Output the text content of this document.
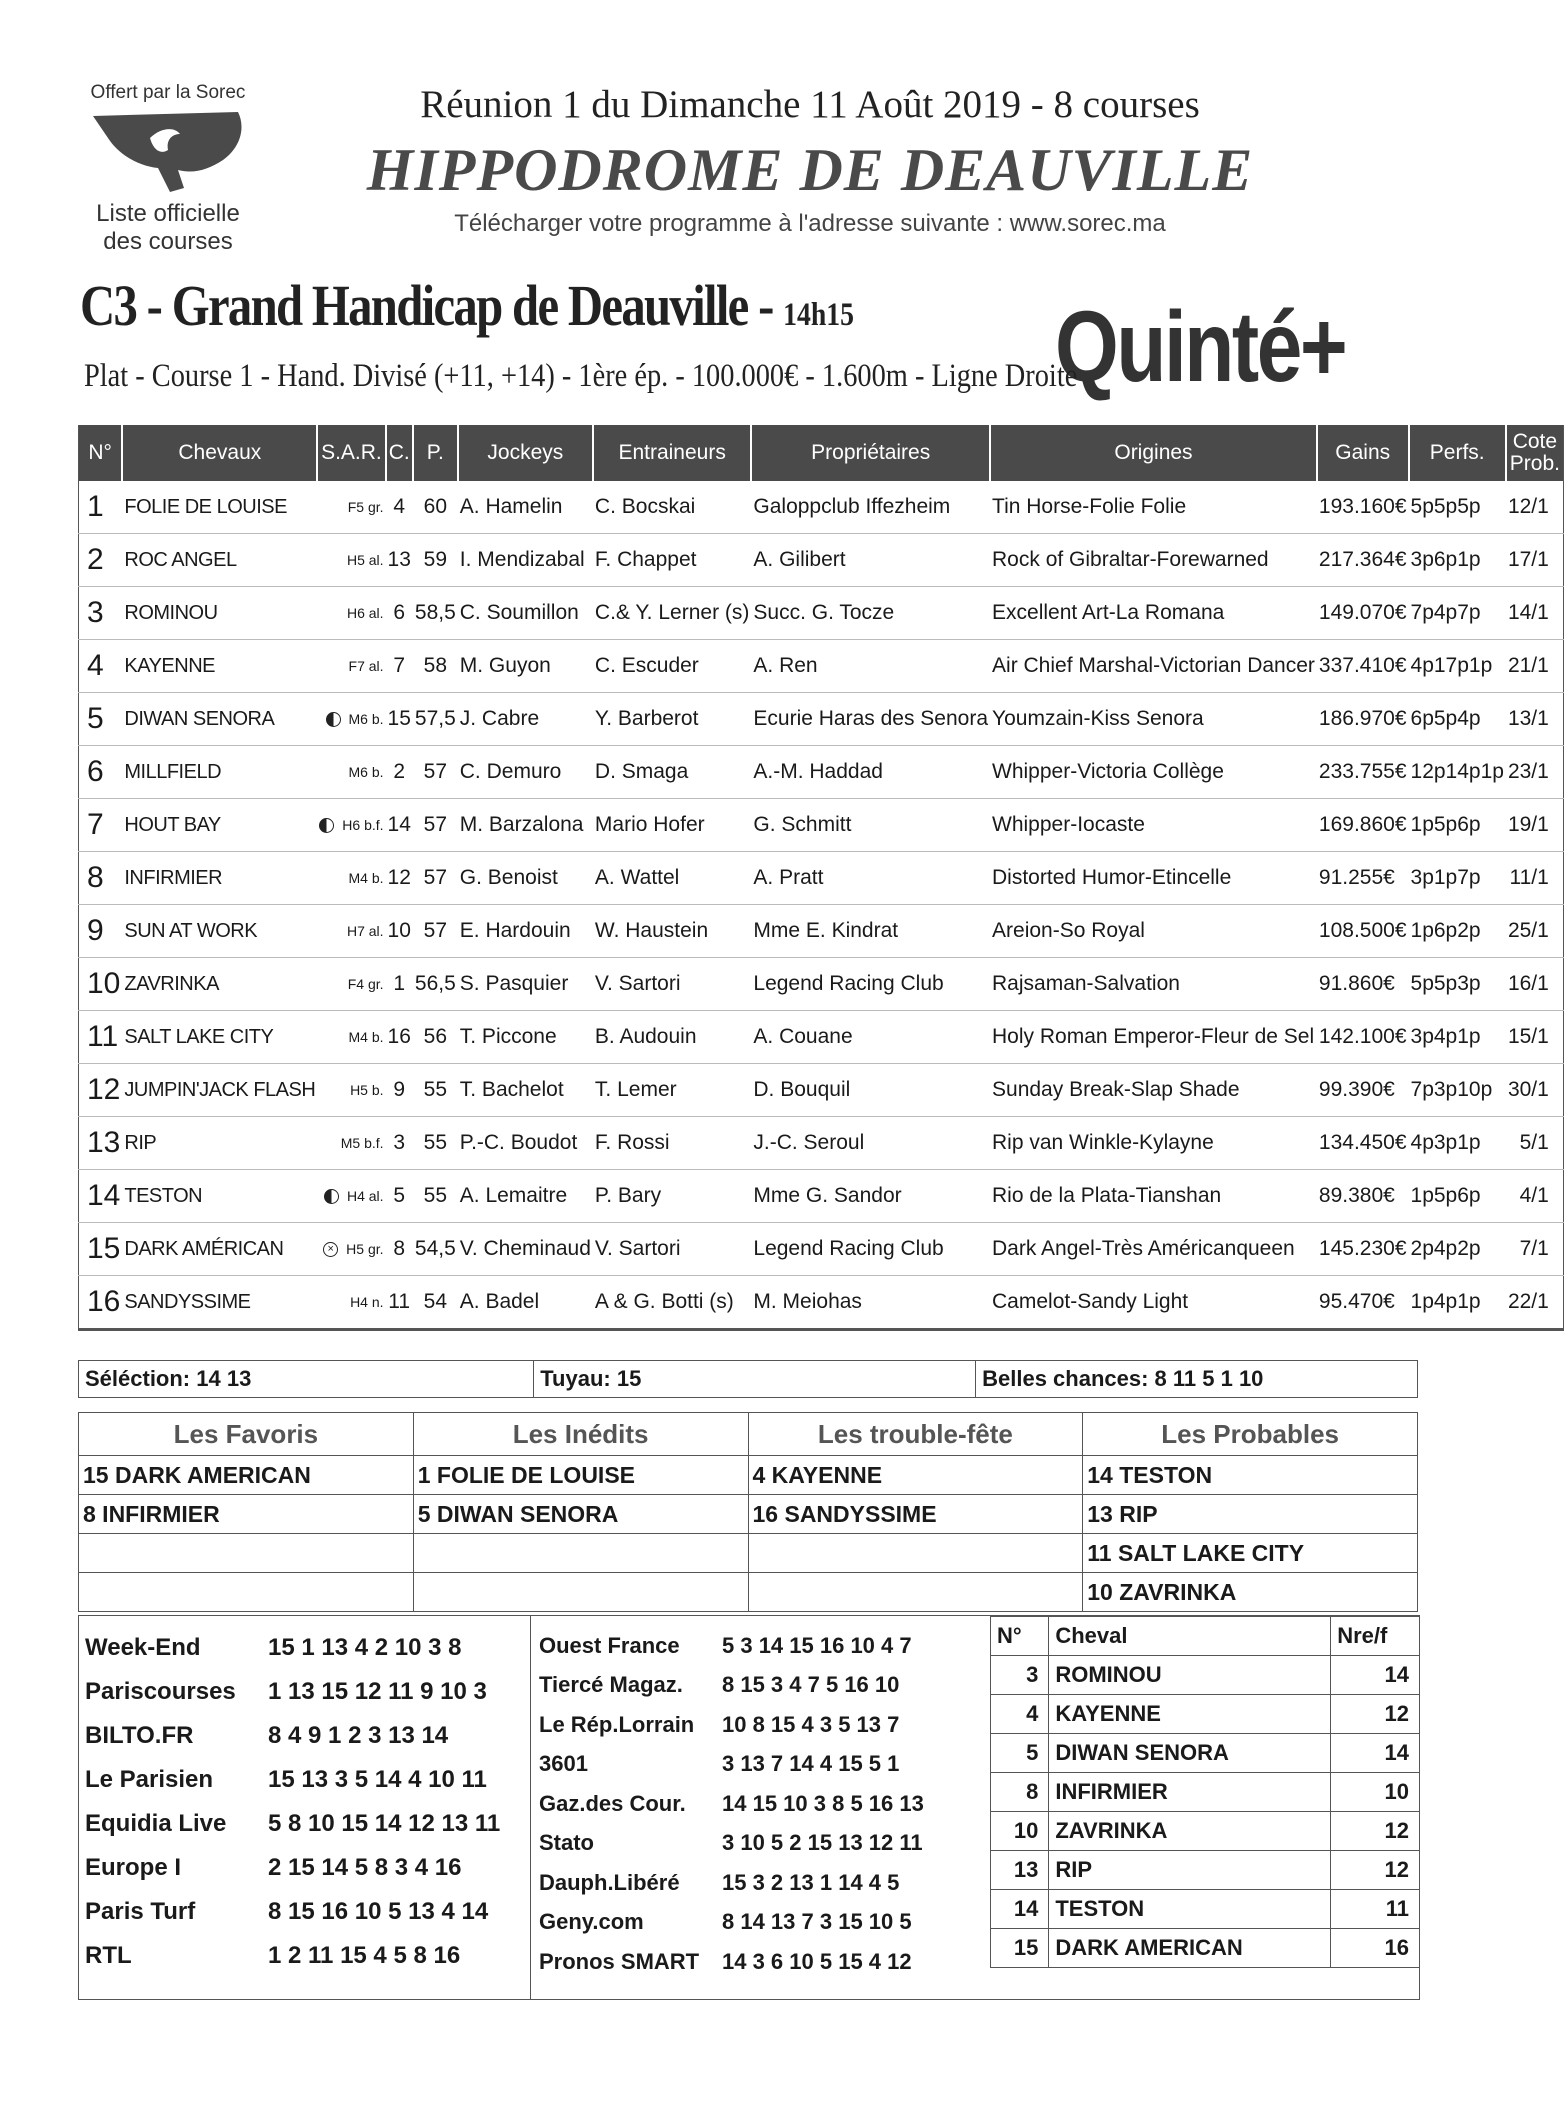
Offert par la Sorec
Liste officielle
des courses
Réunion 1 du Dimanche 11 Août 2019 - 8 courses
HIPPODROME DE DEAUVILLE
Télécharger votre programme à l'adresse suivante : www.sorec.ma
C3 - Grand Handicap de Deauville - 14h15 Quinté+
Plat - Course 1 - Hand. Divisé (+11, +14) - 1ère ép. - 100.000€ - 1.600m - Ligne Droite
N°	Chevaux	S.A.R.	C.	P.	Jockeys	Entraineurs	Propriétaires	Origines	Gains	Perfs.	Cote
Prob.
1	FOLIE DE LOUISE	F5 gr.	4	60	A. Hamelin	C. Bocskai	Galoppclub Iffezheim	Tin Horse-Folie Folie	193.160€	5p5p5p	12/1
2	ROC ANGEL	H5 al.	13	59	I. Mendizabal	F. Chappet	A. Gilibert	Rock of Gibraltar-Forewarned	217.364€	3p6p1p	17/1
3	ROMINOU	H6 al.	6	58,5	C. Soumillon	C.& Y. Lerner (s)	Succ. G. Tocze	Excellent Art-La Romana	149.070€	7p4p7p	14/1
4	KAYENNE	F7 al.	7	58	M. Guyon	C. Escuder	A. Ren	Air Chief Marshal-Victorian Dancer	337.410€	4p17p1p	21/1
5	DIWAN SENORA	M6 b.	15	57,5	J. Cabre	Y. Barberot	Ecurie Haras des Senora	Youmzain-Kiss Senora	186.970€	6p5p4p	13/1
6	MILLFIELD	M6 b.	2	57	C. Demuro	D. Smaga	A.-M. Haddad	Whipper-Victoria Collège	233.755€	12p14p1p	23/1
7	HOUT BAY	H6 b.f.	14	57	M. Barzalona	Mario Hofer	G. Schmitt	Whipper-Iocaste	169.860€	1p5p6p	19/1
8	INFIRMIER	M4 b.	12	57	G. Benoist	A. Wattel	A. Pratt	Distorted Humor-Etincelle	91.255€	3p1p7p	11/1
9	SUN AT WORK	H7 al.	10	57	E. Hardouin	W. Haustein	Mme E. Kindrat	Areion-So Royal	108.500€	1p6p2p	25/1
10	ZAVRINKA	F4 gr.	1	56,5	S. Pasquier	V. Sartori	Legend Racing Club	Rajsaman-Salvation	91.860€	5p5p3p	16/1
11	SALT LAKE CITY	M4 b.	16	56	T. Piccone	B. Audouin	A. Couane	Holy Roman Emperor-Fleur de Sel	142.100€	3p4p1p	15/1
12	JUMPIN'JACK FLASH	H5 b.	9	55	T. Bachelot	T. Lemer	D. Bouquil	Sunday Break-Slap Shade	99.390€	7p3p10p	30/1
13	RIP	M5 b.f.	3	55	P.-C. Boudot	F. Rossi	J.-C. Seroul	Rip van Winkle-Kylayne	134.450€	4p3p1p	5/1
14	TESTON	H4 al.	5	55	A. Lemaitre	P. Bary	Mme G. Sandor	Rio de la Plata-Tianshan	89.380€	1p5p6p	4/1
15	DARK AMÉRICAN	× H5 gr.	8	54,5	V. Cheminaud	V. Sartori	Legend Racing Club	Dark Angel-Très Américanqueen	145.230€	2p4p2p	7/1
16	SANDYSSIME	H4 n.	11	54	A. Badel	A & G. Botti (s)	M. Meiohas	Camelot-Sandy Light	95.470€	1p4p1p	22/1
Séléction: 14 13	Tuyau: 15	Belles chances: 8 11 5 1 10
Les Favoris	Les Inédits	Les trouble-fête	Les Probables
15 DARK AMERICAN	1 FOLIE DE LOUISE	4 KAYENNE	14 TESTON
8 INFIRMIER	5 DIWAN SENORA	16 SANDYSSIME	13 RIP
			11 SALT LAKE CITY
			10 ZAVRINKA
Week-End	15 1 13 4 2 10 3 8
Pariscourses	1 13 15 12 11 9 10 3
BILTO.FR	8 4 9 1 2 3 13 14
Le Parisien	15 13 3 5 14 4 10 11
Equidia Live	5 8 10 15 14 12 13 11
Europe I	2 15 14 5 8 3 4 16
Paris Turf	8 15 16 10 5 13 4 14
RTL	1 2 11 15 4 5 8 16
Ouest France	5 3 14 15 16 10 4 7
Tiercé Magaz.	8 15 3 4 7 5 16 10
Le Rép.Lorrain	10 8 15 4 3 5 13 7
3601	3 13 7 14 4 15 5 1
Gaz.des Cour.	14 15 10 3 8 5 16 13
Stato	3 10 5 2 15 13 12 11
Dauph.Libéré	15 3 2 13 1 14 4 5
Geny.com	8 14 13 7 3 15 10 5
Pronos SMART	14 3 6 10 5 15 4 12
N°	Cheval	Nre/f
3	ROMINOU	14
4	KAYENNE	12
5	DIWAN SENORA	14
8	INFIRMIER	10
10	ZAVRINKA	12
13	RIP	12
14	TESTON	11
15	DARK AMERICAN	16
